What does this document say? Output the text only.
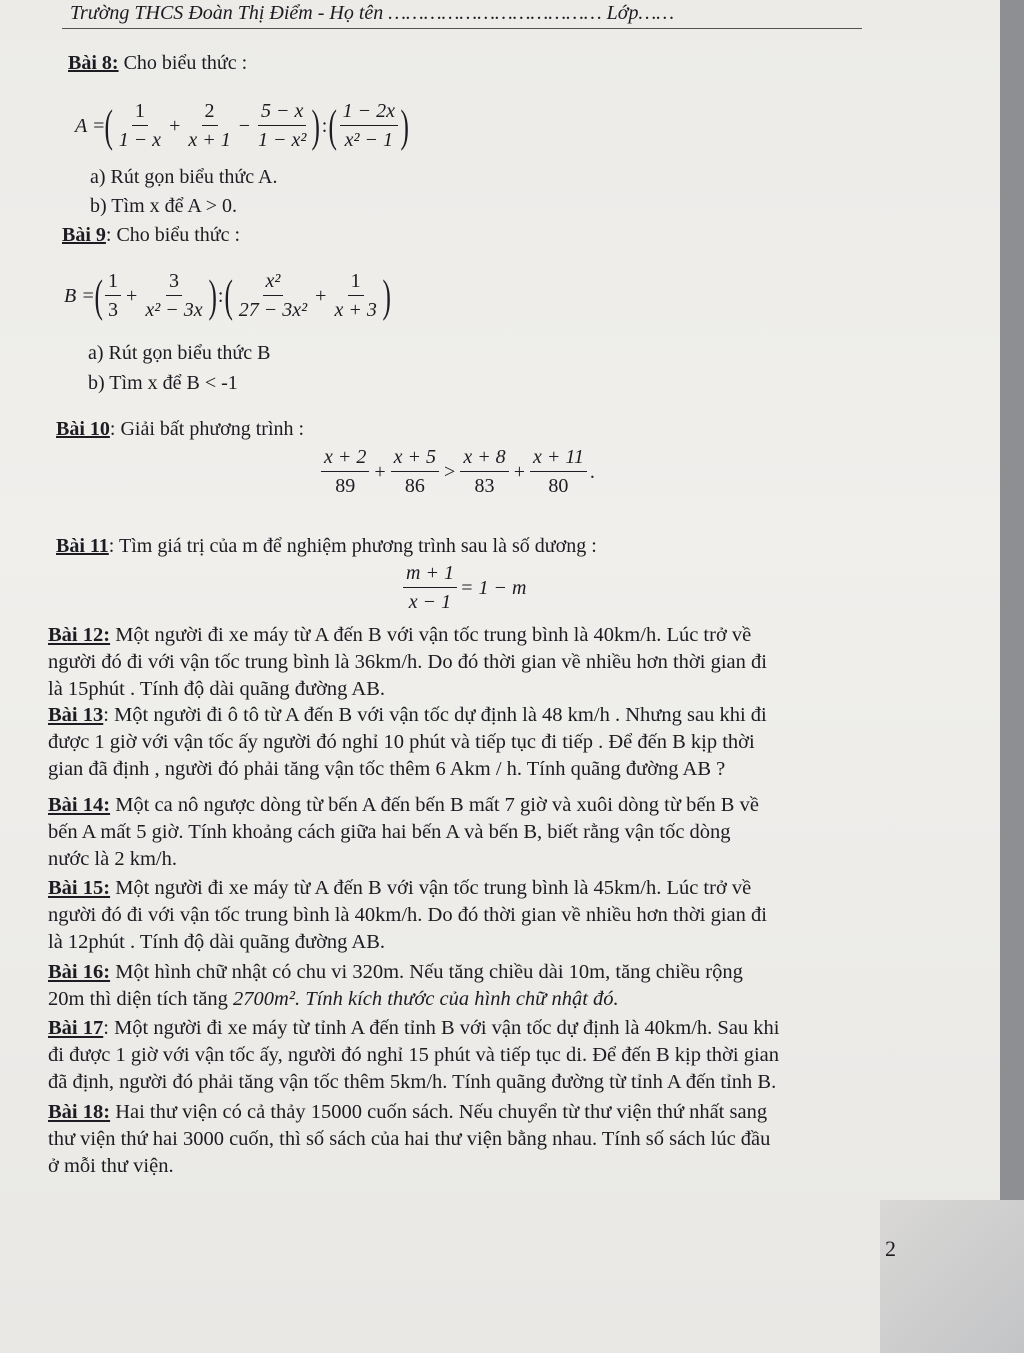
Trường THCS Đoàn Thị Điểm - Họ tên ……………………………… Lớp……
Bài 8: Cho biểu thức :
A = ( $\frac{1}{1 - x} + \frac{2}{x + 1} - \frac{5 - x}{\text{1 − x²}}$ ) : ( $\frac{1 - 2x}{\text{x² − 1}}$ )
a) Rút gọn biểu thức A.
b) Tìm x để A > 0.
Bài 9: Cho biểu thức :
B = ( $\frac{1}{3} + \frac{3}{\text{x² − 3x}}$ ) : ( $\frac{\text{x²}}{\text{27 − 3x²}} + \frac{1}{x + 3}$ )
a) Rút gọn biểu thức B
b) Tìm x để B < -1
Bài 10: Giải bất phương trình :
$\frac{x + 2}{89} + \frac{x + 5}{86} > \frac{x + 8}{83} + \frac{x + 11}{80}$ .
Bài 11: Tìm giá trị của m để nghiệm phương trình sau là số dương :
$\frac{m + 1}{x - 1} = 1 - m$
Bài 12: Một người đi xe máy từ A đến B với vận tốc trung bình là 40km/h. Lúc trở về
người đó đi với vận tốc trung bình là 36km/h. Do đó thời gian về nhiều hơn thời gian đi
là 15phút . Tính độ dài quãng đường AB.
Bài 13: Một người đi ô tô từ A đến B với vận tốc dự định là 48 km/h . Nhưng sau khi đi
được 1 giờ với vận tốc ấy người đó nghỉ 10 phút và tiếp tục đi tiếp . Để đến B kịp thời
gian đã định , người đó phải tăng vận tốc thêm 6 Akm / h. Tính quãng đường AB ?
Bài 14: Một ca nô ngược dòng từ bến A đến bến B mất 7 giờ và xuôi dòng từ bến B về
bến A mất 5 giờ. Tính khoảng cách giữa hai bến A và bến B, biết rằng vận tốc dòng
nước là 2 km/h.
Bài 15: Một người đi xe máy từ A đến B với vận tốc trung bình là 45km/h. Lúc trở về
người đó đi với vận tốc trung bình là 40km/h. Do đó thời gian về nhiều hơn thời gian đi
là 12phút . Tính độ dài quãng đường AB.
Bài 16: Một hình chữ nhật có chu vi 320m. Nếu tăng chiều dài 10m, tăng chiều rộng
20m thì diện tích tăng 2700m². Tính kích thước của hình chữ nhật đó.
Bài 17: Một người đi xe máy từ tỉnh A đến tỉnh B với vận tốc dự định là 40km/h. Sau khi
đi được 1 giờ với vận tốc ấy, người đó nghỉ 15 phút và tiếp tục di. Để đến B kịp thời gian
đã định, người đó phải tăng vận tốc thêm 5km/h. Tính quãng đường từ tỉnh A đến tỉnh B.
Bài 18: Hai thư viện có cả thảy 15000 cuốn sách. Nếu chuyển từ thư viện thứ nhất sang
thư viện thứ hai 3000 cuốn, thì số sách của hai thư viện bằng nhau. Tính số sách lúc đầu
ở mỗi thư viện.
2
